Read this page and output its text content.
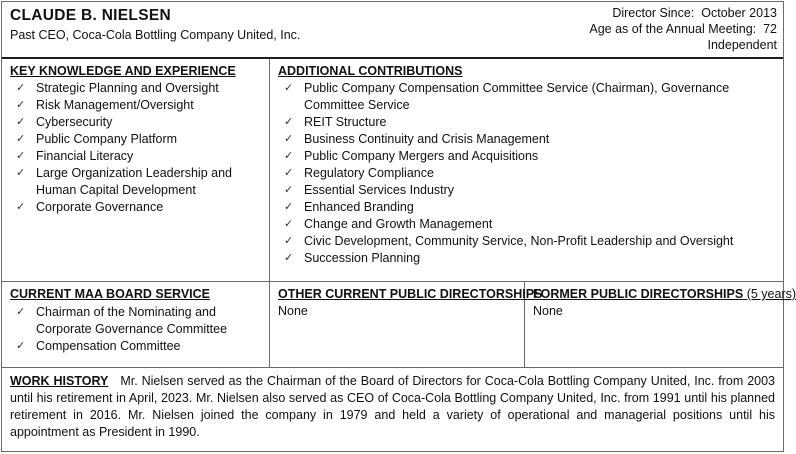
CLAUDE B. NIELSEN
Past CEO, Coca-Cola Bottling Company United, Inc.
Director Since:  October 2013
Age as of the Annual Meeting:  72
Independent
KEY KNOWLEDGE AND EXPERIENCE
✓ Strategic Planning and Oversight
✓ Risk Management/Oversight
✓ Cybersecurity
✓ Public Company Platform
✓ Financial Literacy
✓ Large Organization Leadership and Human Capital Development
✓ Corporate Governance
ADDITIONAL CONTRIBUTIONS
✓ Public Company Compensation Committee Service (Chairman), Governance Committee Service
✓ REIT Structure
✓ Business Continuity and Crisis Management
✓ Public Company Mergers and Acquisitions
✓ Regulatory Compliance
✓ Essential Services Industry
✓ Enhanced Branding
✓ Change and Growth Management
✓ Civic Development, Community Service, Non-Profit Leadership and Oversight
✓ Succession Planning
CURRENT MAA BOARD SERVICE
✓ Chairman of the Nominating and Corporate Governance Committee
✓ Compensation Committee
OTHER CURRENT PUBLIC DIRECTORSHIPS
None
FORMER PUBLIC DIRECTORSHIPS (5 years)
None
WORK HISTORY Mr. Nielsen served as the Chairman of the Board of Directors for Coca-Cola Bottling Company United, Inc. from 2003 until his retirement in April, 2023. Mr. Nielsen also served as CEO of Coca-Cola Bottling Company United, Inc. from 1991 until his planned retirement in 2016. Mr. Nielsen joined the company in 1979 and held a variety of operational and managerial positions until his appointment as President in 1990.
